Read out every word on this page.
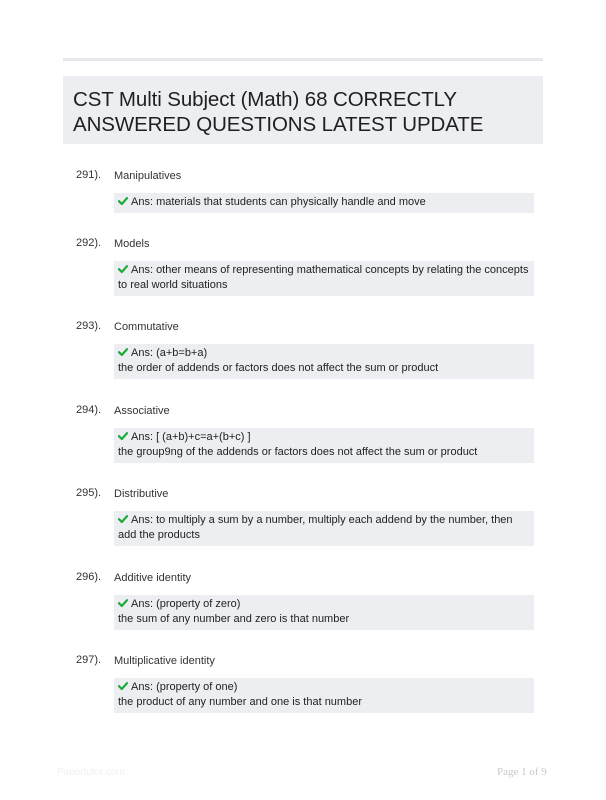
CST Multi Subject (Math) 68 CORRECTLY ANSWERED QUESTIONS LATEST UPDATE
291). Manipulatives
Ans: materials that students can physically handle and move
292). Models
Ans: other means of representing mathematical concepts by relating the concepts to real world situations
293). Commutative
Ans: (a+b=b+a)
the order of addends or factors does not affect the sum or product
294). Associative
Ans: [ (a+b)+c=a+(b+c) ]
the group9ng of the addends or factors does not affect the sum or product
295). Distributive
Ans: to multiply a sum by a number, multiply each addend by the number, then add the products
296). Additive identity
Ans: (property of zero)
the sum of any number and zero is that number
297). Multiplicative identity
Ans: (property of one)
the product of any number and one is that number
Papertutor.com	Page 1 of 9
